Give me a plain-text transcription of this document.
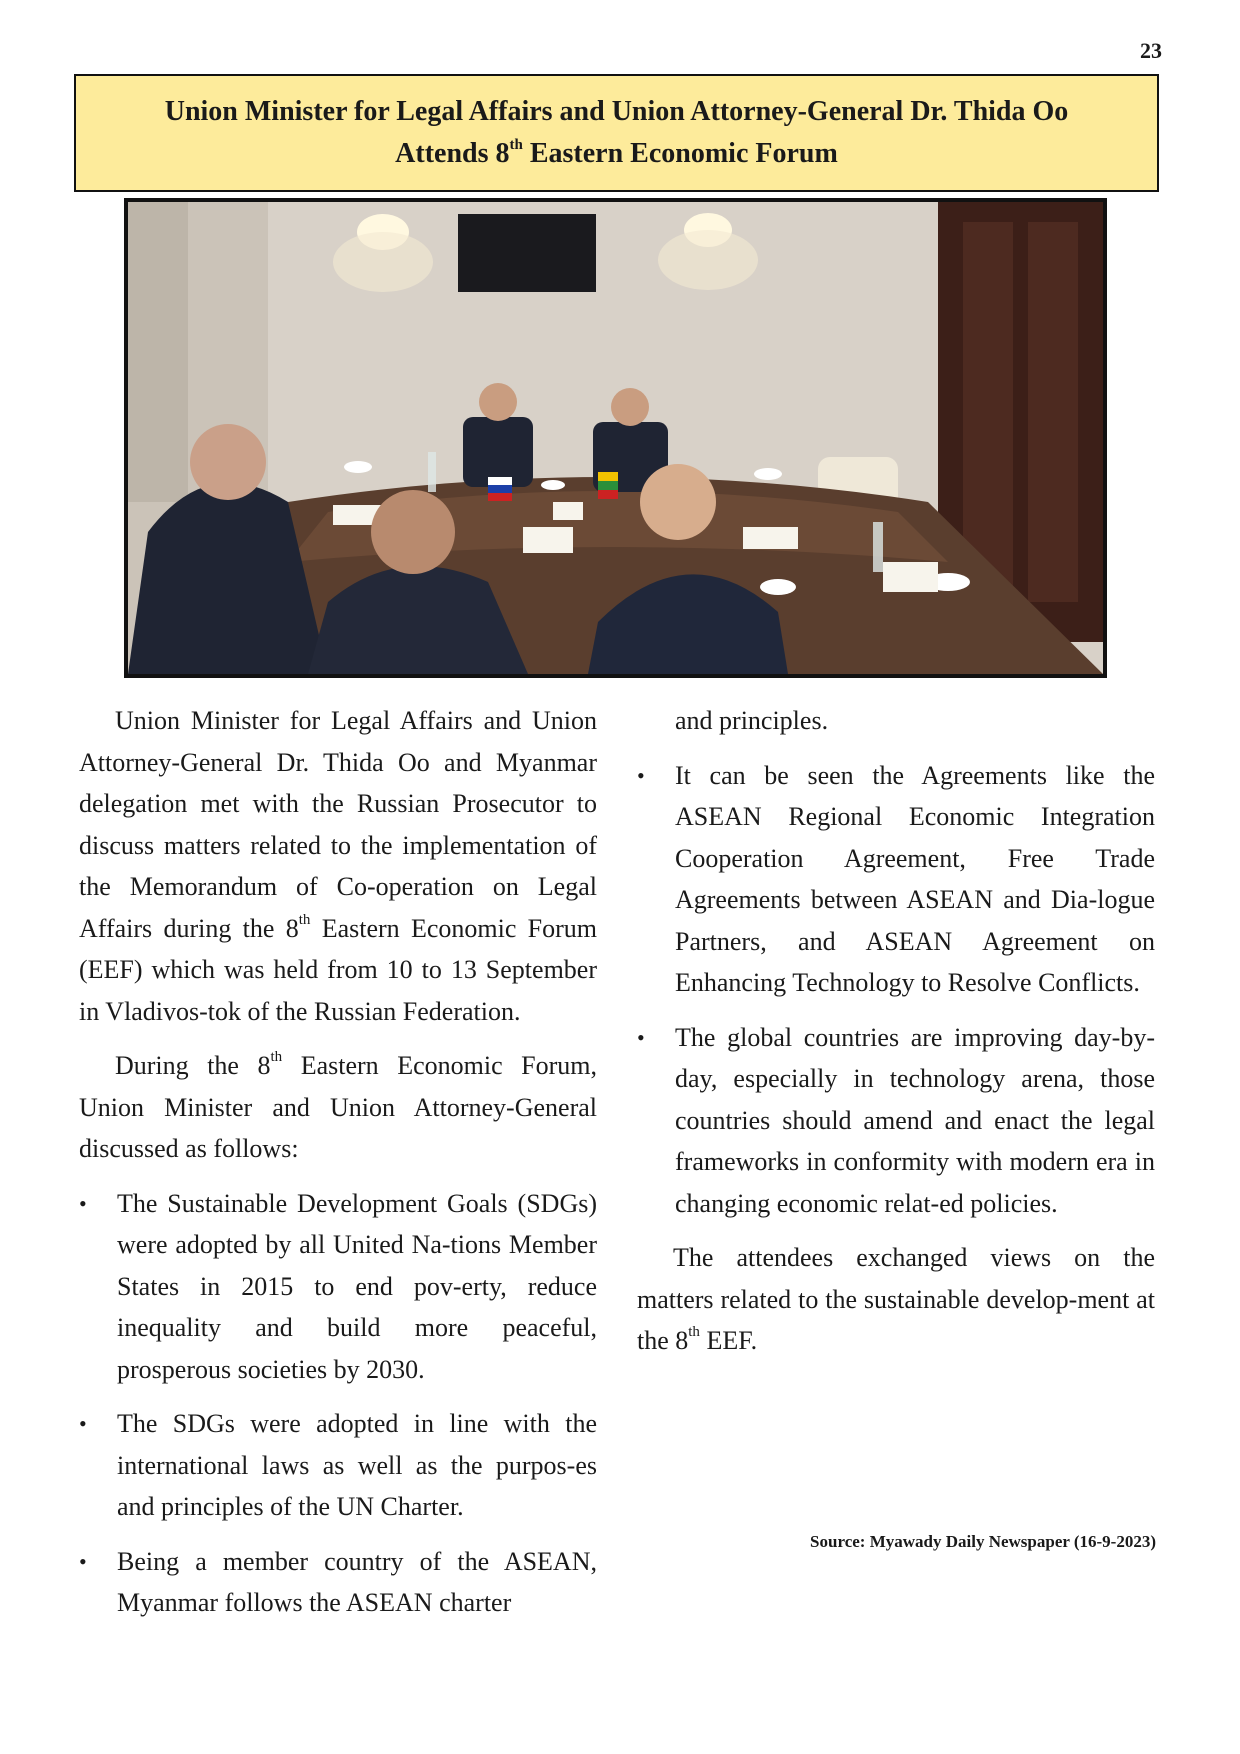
23
Union Minister for Legal Affairs and Union Attorney-General Dr. Thida Oo
Attends 8th Eastern Economic Forum

Union Minister for Legal Affairs and Union Attorney-General Dr. Thida Oo and Myanmar delegation met with the Russian Prosecutor to discuss matters related to the implementation of the Memorandum of Co-operation on Legal Affairs during the 8th Eastern Economic Forum (EEF) which was held from 10 to 13 September in Vladivos-tok of the Russian Federation.

During the 8th Eastern Economic Forum, Union Minister and Union Attorney-General discussed as follows:

• The Sustainable Development Goals (SDGs) were adopted by all United Na-tions Member States in 2015 to end pov-erty, reduce inequality and build more peaceful, prosperous societies by 2030.
• The SDGs were adopted in line with the international laws as well as the purpos-es and principles of the UN Charter.
• Being a member country of the ASEAN, Myanmar follows the ASEAN charter
and principles.
• It can be seen the Agreements like the ASEAN Regional Economic Integration Cooperation Agreement, Free Trade Agreements between ASEAN and Dia-logue Partners, and ASEAN Agreement on Enhancing Technology to Resolve Conflicts.
• The global countries are improving day-by-day, especially in technology arena, those countries should amend and enact the legal frameworks in conformity with modern era in changing economic relat-ed policies.

The attendees exchanged views on the matters related to the sustainable develop-ment at the 8th EEF.

Source: Myawady Daily Newspaper (16-9-2023)
